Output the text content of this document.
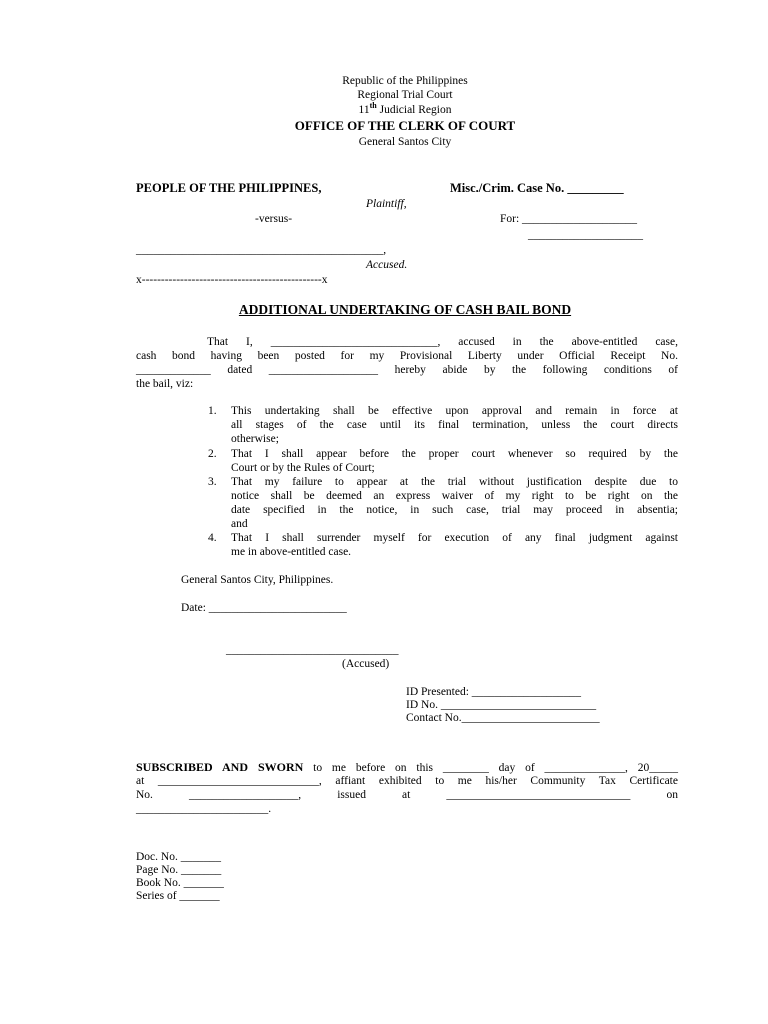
Republic of the Philippines
Regional Trial Court
11th Judicial Region
OFFICE OF THE CLERK OF COURT
General Santos City
PEOPLE OF THE PHILIPPINES,	Misc./Crim. Case No. _________
Plaintiff,
-versus-	For: ____________________
____________________
___________________________________________,
Accused.
x-----------------------------------------------x
ADDITIONAL UNDERTAKING OF CASH BAIL BOND
That I, _____________________________, accused in the above-entitled case,
cash bond having been posted for my Provisional Liberty under Official Receipt No.
_____________ dated ___________________ hereby abide by the following conditions of
the bail, viz:
1. This undertaking shall be effective upon approval and remain in force at
all stages of the case until its final termination, unless the court directs
otherwise;
2. That I shall appear before the proper court whenever so required by the
Court or by the Rules of Court;
3. That my failure to appear at the trial without justification despite due to
notice shall be deemed an express waiver of my right to be right on the
date specified in the notice, in such case, trial may proceed in absentia;
and
4. That I shall surrender myself for execution of any final judgment against
me in above-entitled case.
General Santos City, Philippines.
Date: ________________________
______________________________
(Accused)
ID Presented: ___________________
ID No. ___________________________
Contact No.________________________
SUBSCRIBED AND SWORN to me before on this ________ day of ______________, 20_____
at ____________________________, affiant exhibited to me his/her Community Tax Certificate
No. ___________________, issued at ________________________________ on
_______________________.
Doc. No. _______
Page No. _______
Book No. _______
Series of _______
